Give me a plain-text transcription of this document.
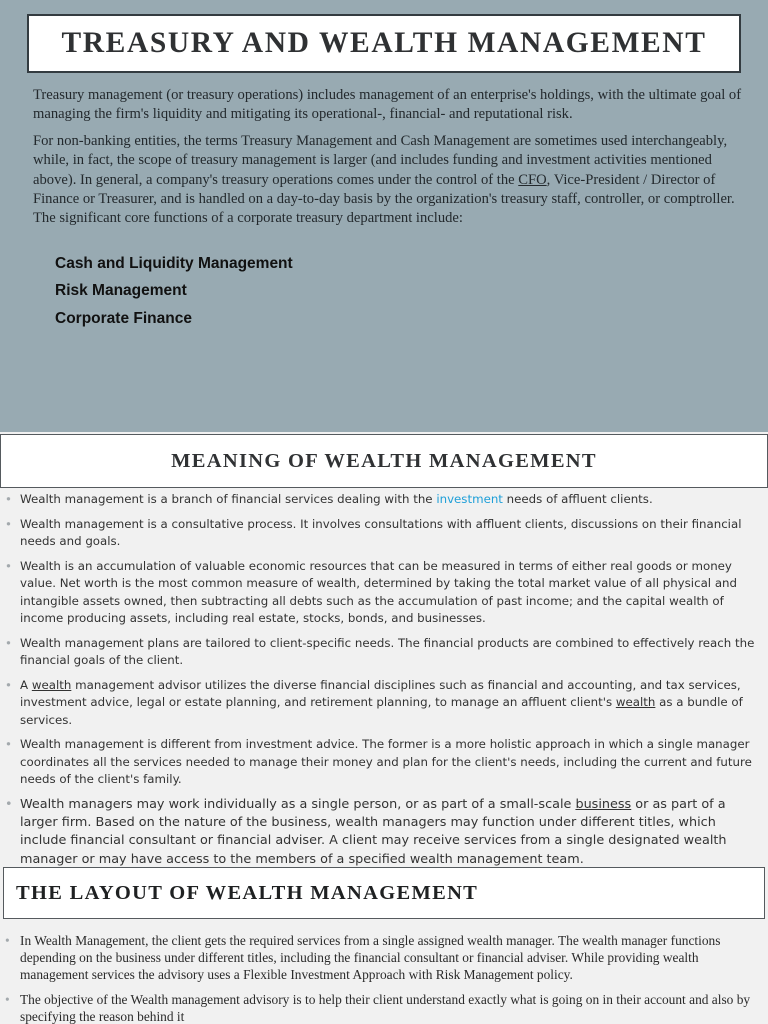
TREASURY AND WEALTH MANAGEMENT

Treasury management (or treasury operations) includes management of an enterprise's holdings, with the ultimate goal of managing the firm's liquidity and mitigating its operational-, financial- and reputational risk.

For non-banking entities, the terms Treasury Management and Cash Management are sometimes used interchangeably, while, in fact, the scope of treasury management is larger (and includes funding and investment activities mentioned above). In general, a company's treasury operations comes under the control of the CFO, Vice-President / Director of Finance or Treasurer, and is handled on a day-to-day basis by the organization's treasury staff, controller, or comptroller. The significant core functions of a corporate treasury department include:

Cash and Liquidity Management
Risk Management
Corporate Finance
MEANING OF WEALTH MANAGEMENT
• Wealth management is a branch of financial services dealing with the investment needs of affluent clients.
• Wealth management is a consultative process. It involves consultations with affluent clients, discussions on their financial needs and goals.
• Wealth is an accumulation of valuable economic resources that can be measured in terms of either real goods or money value. Net worth is the most common measure of wealth, determined by taking the total market value of all physical and intangible assets owned, then subtracting all debts such as the accumulation of past income; and the capital wealth of income producing assets, including real estate, stocks, bonds, and businesses.
• Wealth management plans are tailored to client-specific needs. The financial products are combined to effectively reach the financial goals of the client.
• A wealth management advisor utilizes the diverse financial disciplines such as financial and accounting, and tax services, investment advice, legal or estate planning, and retirement planning, to manage an affluent client's wealth as a bundle of services.
• Wealth management is different from investment advice. The former is a more holistic approach in which a single manager coordinates all the services needed to manage their money and plan for the client's needs, including the current and future needs of the client's family.
• Wealth managers may work individually as a single person, or as part of a small-scale business or as part of a larger firm. Based on the nature of the business, wealth managers may function under different titles, which include financial consultant or financial adviser. A client may receive services from a single designated wealth manager or may have access to the members of a specified wealth management team.
THE LAYOUT OF WEALTH MANAGEMENT
• In Wealth Management, the client gets the required services from a single assigned wealth manager. The wealth manager functions depending on the business under different titles, including the financial consultant or financial adviser. While providing wealth management services the advisory uses a Flexible Investment Approach with Risk Management policy.
• The objective of the Wealth management advisory is to help their client understand exactly what is going on in their account and also by specifying the reason behind it
